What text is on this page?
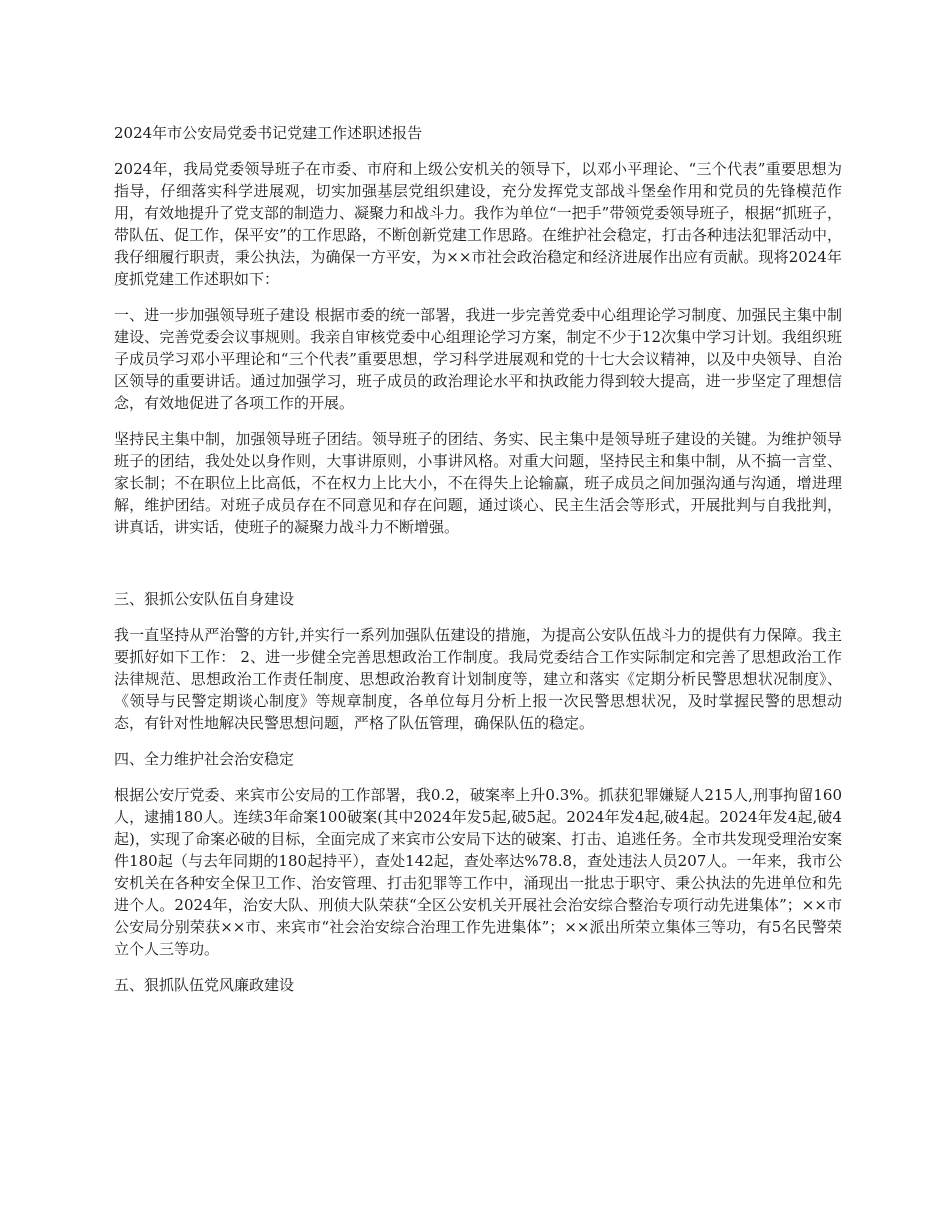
2024年市公安局党委书记党建工作述职述报告

2024年，我局党委领导班子在市委、市府和上级公安机关的领导下，以邓小平理论、“三个代表”重要思想为指导，仔细落实科学进展观，切实加强基层党组织建设，充分发挥党支部战斗堡垒作用和党员的先锋模范作用，有效地提升了党支部的制造力、凝聚力和战斗力。我作为单位“一把手”带领党委领导班子，根据“抓班子，带队伍、促工作，保平安”的工作思路，不断创新党建工作思路。在维护社会稳定，打击各种违法犯罪活动中，我仔细履行职责，秉公执法，为确保一方平安，为××市社会政治稳定和经济进展作出应有贡献。现将2024年度抓党建工作述职如下：

一、进一步加强领导班子建设 根据市委的统一部署，我进一步完善党委中心组理论学习制度、加强民主集中制建设、完善党委会议事规则。我亲自审核党委中心组理论学习方案，制定不少于12次集中学习计划。我组织班子成员学习邓小平理论和“三个代表”重要思想，学习科学进展观和党的十七大会议精神，以及中央领导、自治区领导的重要讲话。通过加强学习，班子成员的政治理论水平和执政能力得到较大提高，进一步坚定了理想信念，有效地促进了各项工作的开展。

坚持民主集中制，加强领导班子团结。领导班子的团结、务实、民主集中是领导班子建设的关键。为维护领导班子的团结，我处处以身作则，大事讲原则，小事讲风格。对重大问题，坚持民主和集中制，从不搞一言堂、家长制；不在职位上比高低，不在权力上比大小，不在得失上论输赢，班子成员之间加强沟通与沟通，增进理解，维护团结。对班子成员存在不同意见和存在问题，通过谈心、民主生活会等形式，开展批判与自我批判，讲真话，讲实话，使班子的凝聚力战斗力不断增强。

三、狠抓公安队伍自身建设

我一直坚持从严治警的方针,并实行一系列加强队伍建设的措施，为提高公安队伍战斗力的提供有力保障。我主要抓好如下工作： 2、进一步健全完善思想政治工作制度。我局党委结合工作实际制定和完善了思想政治工作法律规范、思想政治工作责任制度、思想政治教育计划制度等，建立和落实《定期分析民警思想状况制度》、《领导与民警定期谈心制度》等规章制度，各单位每月分析上报一次民警思想状况，及时掌握民警的思想动态，有针对性地解决民警思想问题，严格了队伍管理，确保队伍的稳定。

四、全力维护社会治安稳定

根据公安厅党委、来宾市公安局的工作部署，我0.2，破案率上升0.3%。抓获犯罪嫌疑人215人,刑事拘留160人，逮捕180人。连续3年命案100破案(其中2024年发5起,破5起。2024年发4起,破4起。2024年发4起,破4起)，实现了命案必破的目标，全面完成了来宾市公安局下达的破案、打击、追逃任务。全市共发现受理治安案件180起（与去年同期的180起持平），查处142起，查处率达%78.8，查处违法人员207人。一年来，我市公安机关在各种安全保卫工作、治安管理、打击犯罪等工作中，涌现出一批忠于职守、秉公执法的先进单位和先进个人。2024年，治安大队、刑侦大队荣获“全区公安机关开展社会治安综合整治专项行动先进集体”；××市公安局分别荣获××市、来宾市“社会治安综合治理工作先进集体”；××派出所荣立集体三等功，有5名民警荣立个人三等功。

五、狠抓队伍党风廉政建设
